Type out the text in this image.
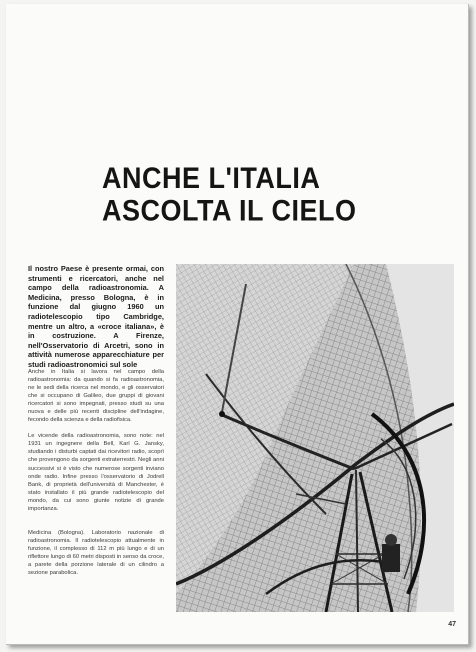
ANCHE L'ITALIA
ASCOLTA IL CIELO
Il nostro Paese è presente ormai, con strumenti e ricercatori, anche nel campo della radioastronomia. A Medicina, presso Bologna, è in funzione dal giugno 1960 un radiotelescopio tipo Cambridge, mentre un altro, a «croce italiana», è in costruzione. A Firenze, nell'Osservatorio di Arcetri, sono in attività numerose apparecchiature per studi radioastronomici sul sole

Anche in Italia si lavora nel campo della radioastronomia: da quando si fa radioastronomia, ne le sedi della ricerca nel mondo, e gli osservatori che si occupano di Galileo, due gruppi di giovani ricercatori si sono impegnati, presso studi su una nuova e delle più recenti discipline dell'indagine, fecondo della scienza e della radiofisica.

Le vicende della radioastronomia, sono note: nel 1931 un ingegnere della Bell, Karl G. Jansky, studiando i disturbi captati dai ricevitori radio, scoprì che provengono da sorgenti extraterrestri. Negli anni successivi si è visto che numerose sorgenti inviano onde radio. Infine presso l'osservatorio di Jodrell Bank, di proprietà dell'università di Manchester, è stato installato il più grande radiotelescopio del mondo, da cui sono giunte notizie di grande importanza.

Medicina (Bologna). Laboratorio nazionale di radioastronomia. Il radiotelescopio attualmente in funzione, il complesso di 112 m più lungo e di un riflettore lungo di 60 metri disposti in senso da croce, a parete della porzione laterale di un cilindro a sezione parabolica.

47
